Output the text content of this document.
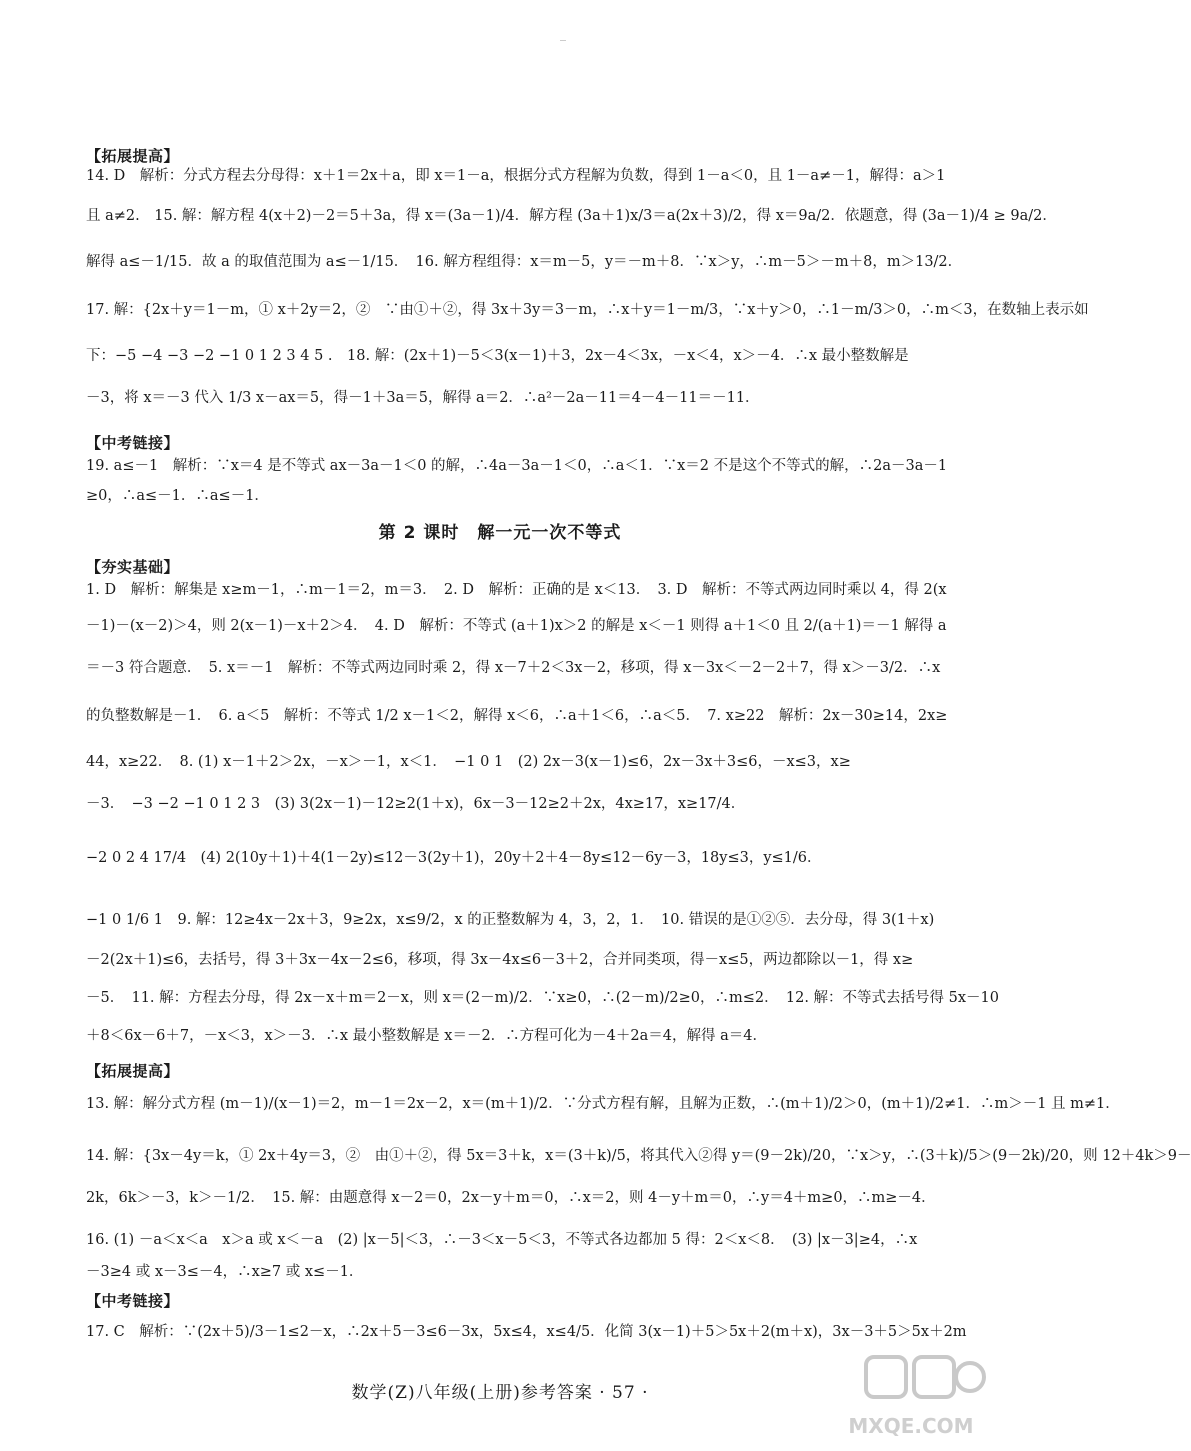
【拓展提高】
14. D　解析：分式方程去分母得：x＋1＝2x＋a，即 x＝1－a，根据分式方程解为负数，得到 1－a＜0，且 1－a≠－1，解得：a＞1
且 a≠2.　15. 解：解方程 4(x＋2)－2＝5＋3a，得 x＝(3a－1)/4．解方程 (3a＋1)x/3＝a(2x＋3)/2，得 x＝9a/2．依题意，得 (3a－1)/4 ≥ 9a/2．
解得 a≤－1/15．故 a 的取值范围为 a≤－1/15．　16. 解方程组得：x＝m－5，y＝－m＋8．∵x＞y，∴m－5＞－m＋8，m＞13/2．
17. 解：{2x＋y＝1－m，① x＋2y＝2，②　∵由①＋②，得 3x＋3y＝3－m，∴x＋y＝1－m/3，∵x＋y＞0，∴1－m/3＞0，∴m＜3，在数轴上表示如
下：−5 −4 −3 −2 −1 0 1 2 3 4 5 .　18. 解：(2x＋1)－5＜3(x－1)＋3，2x－4＜3x，－x＜4，x＞－4．∴x 最小整数解是
－3，将 x＝－3 代入 1/3 x－ax＝5，得－1＋3a＝5，解得 a＝2．∴a²－2a－11＝4－4－11＝－11．
【中考链接】
19. a≤－1　解析：∵x＝4 是不等式 ax－3a－1＜0 的解，∴4a－3a－1＜0，∴a＜1．∵x＝2 不是这个不等式的解，∴2a－3a－1
≥0，∴a≤－1．∴a≤－1．
第 2 课时　解一元一次不等式
【夯实基础】
1. D　解析：解集是 x≥m－1，∴m－1＝2，m＝3．　2. D　解析：正确的是 x＜13．　3. D　解析：不等式两边同时乘以 4，得 2(x
－1)－(x－2)＞4，则 2(x－1)－x＋2＞4．　4. D　解析：不等式 (a＋1)x＞2 的解是 x＜－1 则得 a＋1＜0 且 2/(a＋1)＝－1 解得 a
＝－3 符合题意．　5. x＝－1　解析：不等式两边同时乘 2，得 x－7＋2＜3x－2，移项，得 x－3x＜－2－2＋7，得 x＞－3/2．∴x
的负整数解是－1．　6. a＜5　解析：不等式 1/2 x－1＜2，解得 x＜6，∴a＋1＜6，∴a＜5．　7. x≥22　解析：2x－30≥14，2x≥
44，x≥22．　8. (1) x－1＋2＞2x，－x＞－1，x＜1．　−1 0 1　(2) 2x－3(x－1)≤6，2x－3x＋3≤6，－x≤3，x≥
－3．　−3 −2 −1 0 1 2 3　(3) 3(2x－1)－12≥2(1＋x)，6x－3－12≥2＋2x，4x≥17，x≥17/4．
−2 0 2 4 17/4　(4) 2(10y＋1)＋4(1－2y)≤12－3(2y＋1)，20y＋2＋4－8y≤12－6y－3，18y≤3，y≤1/6．
−1 0 1/6 1　9. 解：12≥4x－2x＋3，9≥2x，x≤9/2，x 的正整数解为 4，3，2，1．　10. 错误的是①②⑤．去分母，得 3(1＋x)
－2(2x＋1)≤6，去括号，得 3＋3x－4x－2≤6，移项，得 3x－4x≤6－3＋2，合并同类项，得－x≤5，两边都除以－1，得 x≥
－5．　11. 解：方程去分母，得 2x－x＋m＝2－x，则 x＝(2－m)/2．∵x≥0，∴(2－m)/2≥0，∴m≤2．　12. 解：不等式去括号得 5x－10
＋8＜6x－6＋7，－x＜3，x＞－3．∴x 最小整数解是 x＝－2．∴方程可化为－4＋2a＝4，解得 a＝4．
【拓展提高】
13. 解：解分式方程 (m－1)/(x－1)＝2，m－1＝2x－2，x＝(m＋1)/2．∵分式方程有解，且解为正数，∴(m＋1)/2＞0，(m＋1)/2≠1．∴m＞－1 且 m≠1．
14. 解：{3x－4y＝k，① 2x＋4y＝3，②　由①＋②，得 5x＝3＋k，x＝(3＋k)/5，将其代入②得 y＝(9－2k)/20，∵x＞y，∴(3＋k)/5＞(9－2k)/20，则 12＋4k＞9－
2k，6k＞－3，k＞－1/2．　15. 解：由题意得 x－2＝0，2x－y＋m＝0，∴x＝2，则 4－y＋m＝0，∴y＝4＋m≥0，∴m≥－4．
16. (1) －a＜x＜a　x＞a 或 x＜－a　(2) |x－5|＜3，∴－3＜x－5＜3，不等式各边都加 5 得：2＜x＜8．　(3) |x－3|≥4，∴x
－3≥4 或 x－3≤－4，∴x≥7 或 x≤－1．
【中考链接】
17. C　解析：∵(2x＋5)/3－1≤2－x，∴2x＋5－3≤6－3x，5x≤4，x≤4/5．化简 3(x－1)＋5＞5x＋2(m＋x)，3x－3＋5＞5x＋2m
数学(Z)八年级(上册)参考答案 · 57 ·
MXQE.COM
